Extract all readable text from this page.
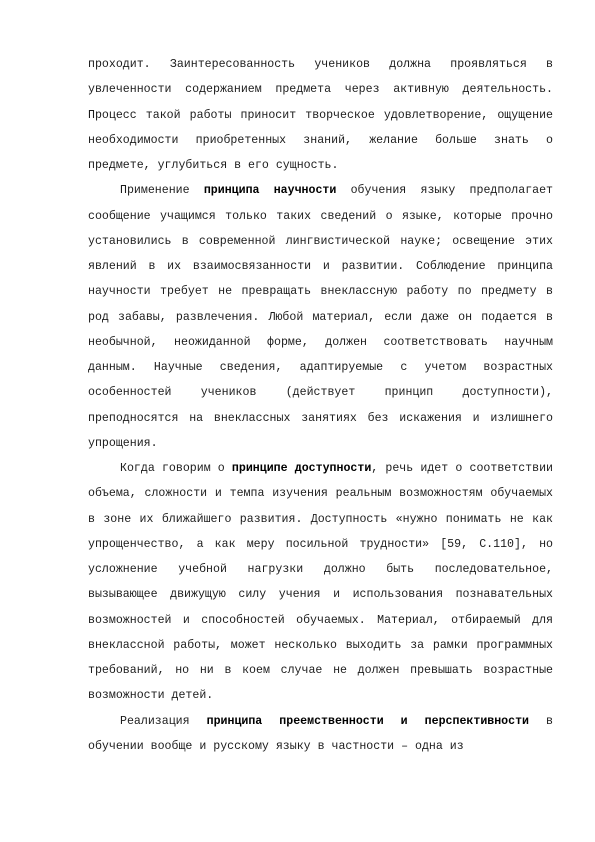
проходит. Заинтересованность учеников должна проявляться в увлеченности содержанием предмета через активную деятельность. Процесс такой работы приносит творческое удовлетворение, ощущение необходимости приобретенных знаний, желание больше знать о предмете, углубиться в его сущность.

Применение принципа научности обучения языку предполагает сообщение учащимся только таких сведений о языке, которые прочно установились в современной лингвистической науке; освещение этих явлений в их взаимосвязанности и развитии. Соблюдение принципа научности требует не превращать внеклассную работу по предмету в род забавы, развлечения. Любой материал, если даже он подается в необычной, неожиданной форме, должен соответствовать научным данным. Научные сведения, адаптируемые с учетом возрастных особенностей учеников (действует принцип доступности), преподносятся на внеклассных занятиях без искажения и излишнего упрощения.

Когда говорим о принципе доступности, речь идет о соответствии объема, сложности и темпа изучения реальным возможностям обучаемых в зоне их ближайшего развития. Доступность «нужно понимать не как упрощенчество, а как меру посильной трудности» [59, С.110], но усложнение учебной нагрузки должно быть последовательное, вызывающее движущую силу учения и использования познавательных возможностей и способностей обучаемых. Материал, отбираемый для внеклассной работы, может несколько выходить за рамки программных требований, но ни в коем случае не должен превышать возрастные возможности детей.

Реализация принципа преемственности и перспективности в обучении вообще и русскому языку в частности – одна из
